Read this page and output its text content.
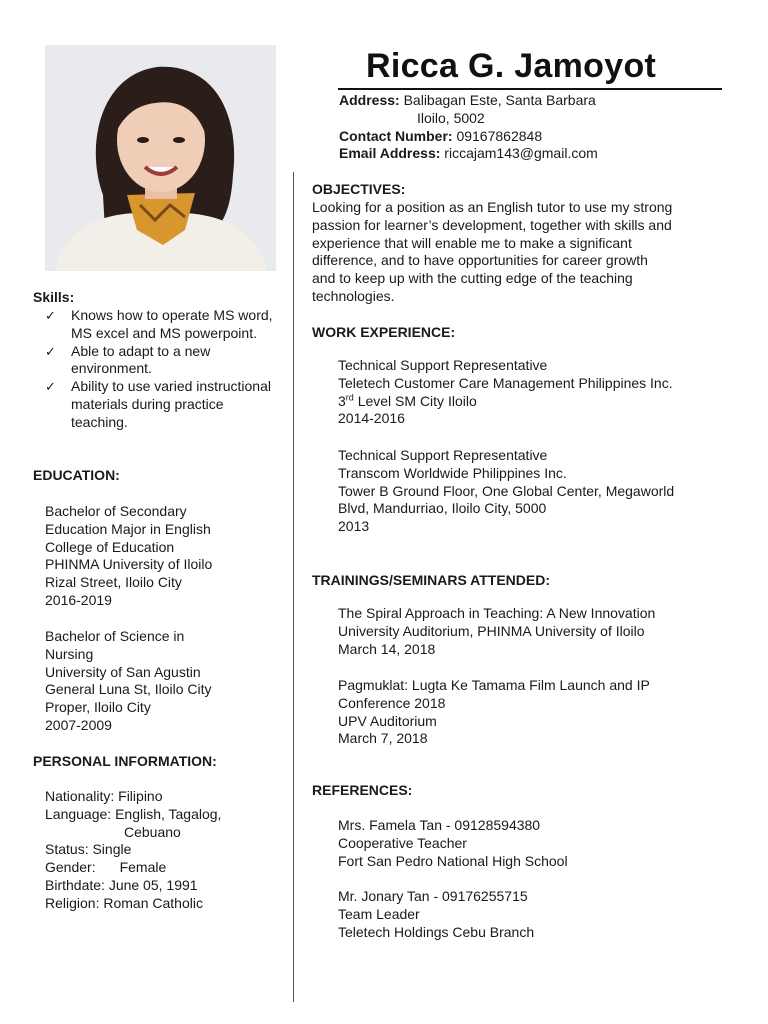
Ricca G. Jamoyot
Address: Balibagan Este, Santa Barbara
Iloilo, 5002
Contact Number: 09167862848
Email Address: riccajam143@gmail.com
Skills:
✓ Knows how to operate MS word,
MS excel and MS powerpoint.
✓ Able to adapt to a new
environment.
✓ Ability to use varied instructional
materials during practice
teaching.
EDUCATION:
Bachelor of Secondary
Education Major in English
College of Education
PHINMA University of Iloilo
Rizal Street, Iloilo City
2016-2019
Bachelor of Science in
Nursing
University of San Agustin
General Luna St, Iloilo City
Proper, Iloilo City
2007-2009
PERSONAL INFORMATION:
Nationality: Filipino
Language: English, Tagalog,
Cebuano
Status: Single
Gender: Female
Birthdate: June 05, 1991
Religion: Roman Catholic
OBJECTIVES:
Looking for a position as an English tutor to use my strong
passion for learner’s development, together with skills and
experience that will enable me to make a significant
difference, and to have opportunities for career growth
and to keep up with the cutting edge of the teaching
technologies.
WORK EXPERIENCE:
Technical Support Representative
Teletech Customer Care Management Philippines Inc.
3rd Level SM City Iloilo
2014-2016
Technical Support Representative
Transcom Worldwide Philippines Inc.
Tower B Ground Floor, One Global Center, Megaworld
Blvd, Mandurriao, Iloilo City, 5000
2013
TRAININGS/SEMINARS ATTENDED:
The Spiral Approach in Teaching: A New Innovation
University Auditorium, PHINMA University of Iloilo
March 14, 2018
Pagmuklat: Lugta Ke Tamama Film Launch and IP
Conference 2018
UPV Auditorium
March 7, 2018
REFERENCES:
Mrs. Famela Tan - 09128594380
Cooperative Teacher
Fort San Pedro National High School
Mr. Jonary Tan - 09176255715
Team Leader
Teletech Holdings Cebu Branch
